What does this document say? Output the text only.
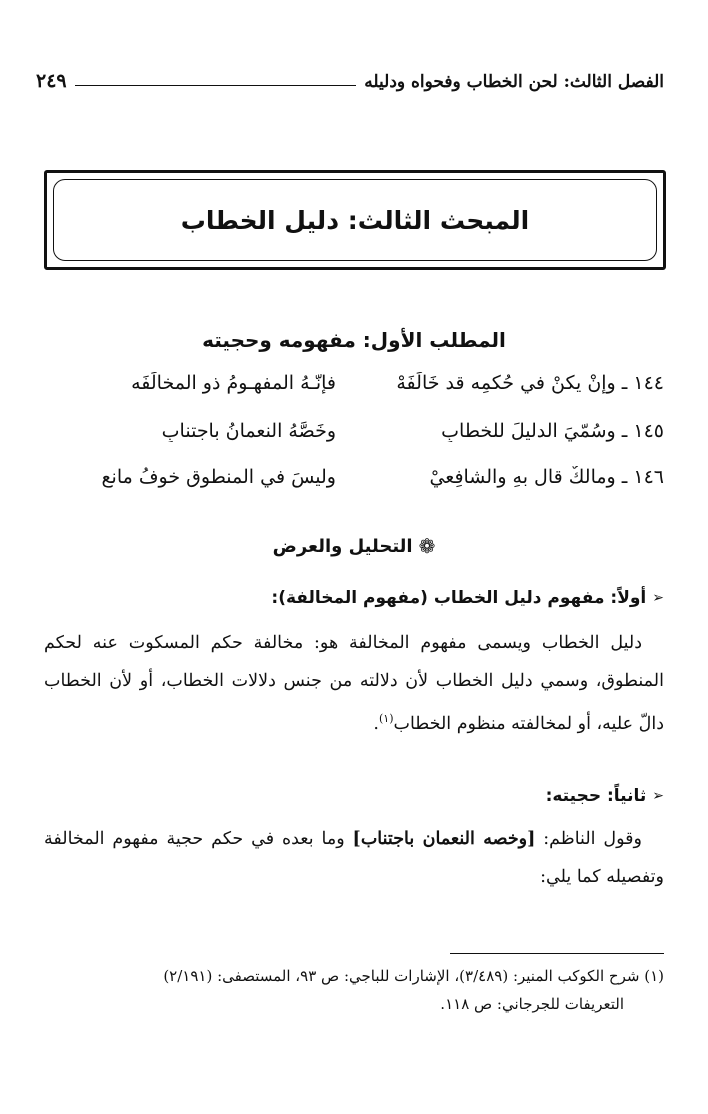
الفصل الثالث: لحن الخطاب وفحواه ودليله
٢٤٩
المبحث الثالث: دليل الخطاب
المطلب الأول: مفهومه وحجيته
١٤٤ ـ وإنْ يكنْ في حُكمِه قد خَالَفَهْ
فإنّـهُ المفهـومُ ذو المخالَفَه
١٤٥ ـ وسُمّيَ الدليلَ للخطابِ
وخَصَّهُ النعمانُ باجتنابِ
١٤٦ ـ ومالكٌ قال بهِ والشافِعيْ
وليسَ في المنطوقِ خوفُ مانعِ
❁
التحليل والعرض
➢
أولاً: مفهوم دليل الخطاب (مفهوم المخالفة):
دليل الخطاب ويسمى مفهوم المخالفة هو: مخالفة حكم المسكوت عنه لحكم المنطوق، وسمي دليل الخطاب لأن دلالته من جنس دلالات الخطاب، أو لأن الخطاب دالّ عليه، أو لمخالفته منظوم الخطاب$^{(١)}$.
➢
ثانياً: حجيته:
وقول الناظم: [وخصه النعمان باجتناب] وما بعده في حكم حجية مفهوم المخالفة وتفصيله كما يلي:
(١) شرح الكوكب المنير: (٣/٤٨٩)، الإشارات للباجي: ص ٩٣، المستصفى: (٢/١٩١)
التعريفات للجرجاني: ص ١١٨.
